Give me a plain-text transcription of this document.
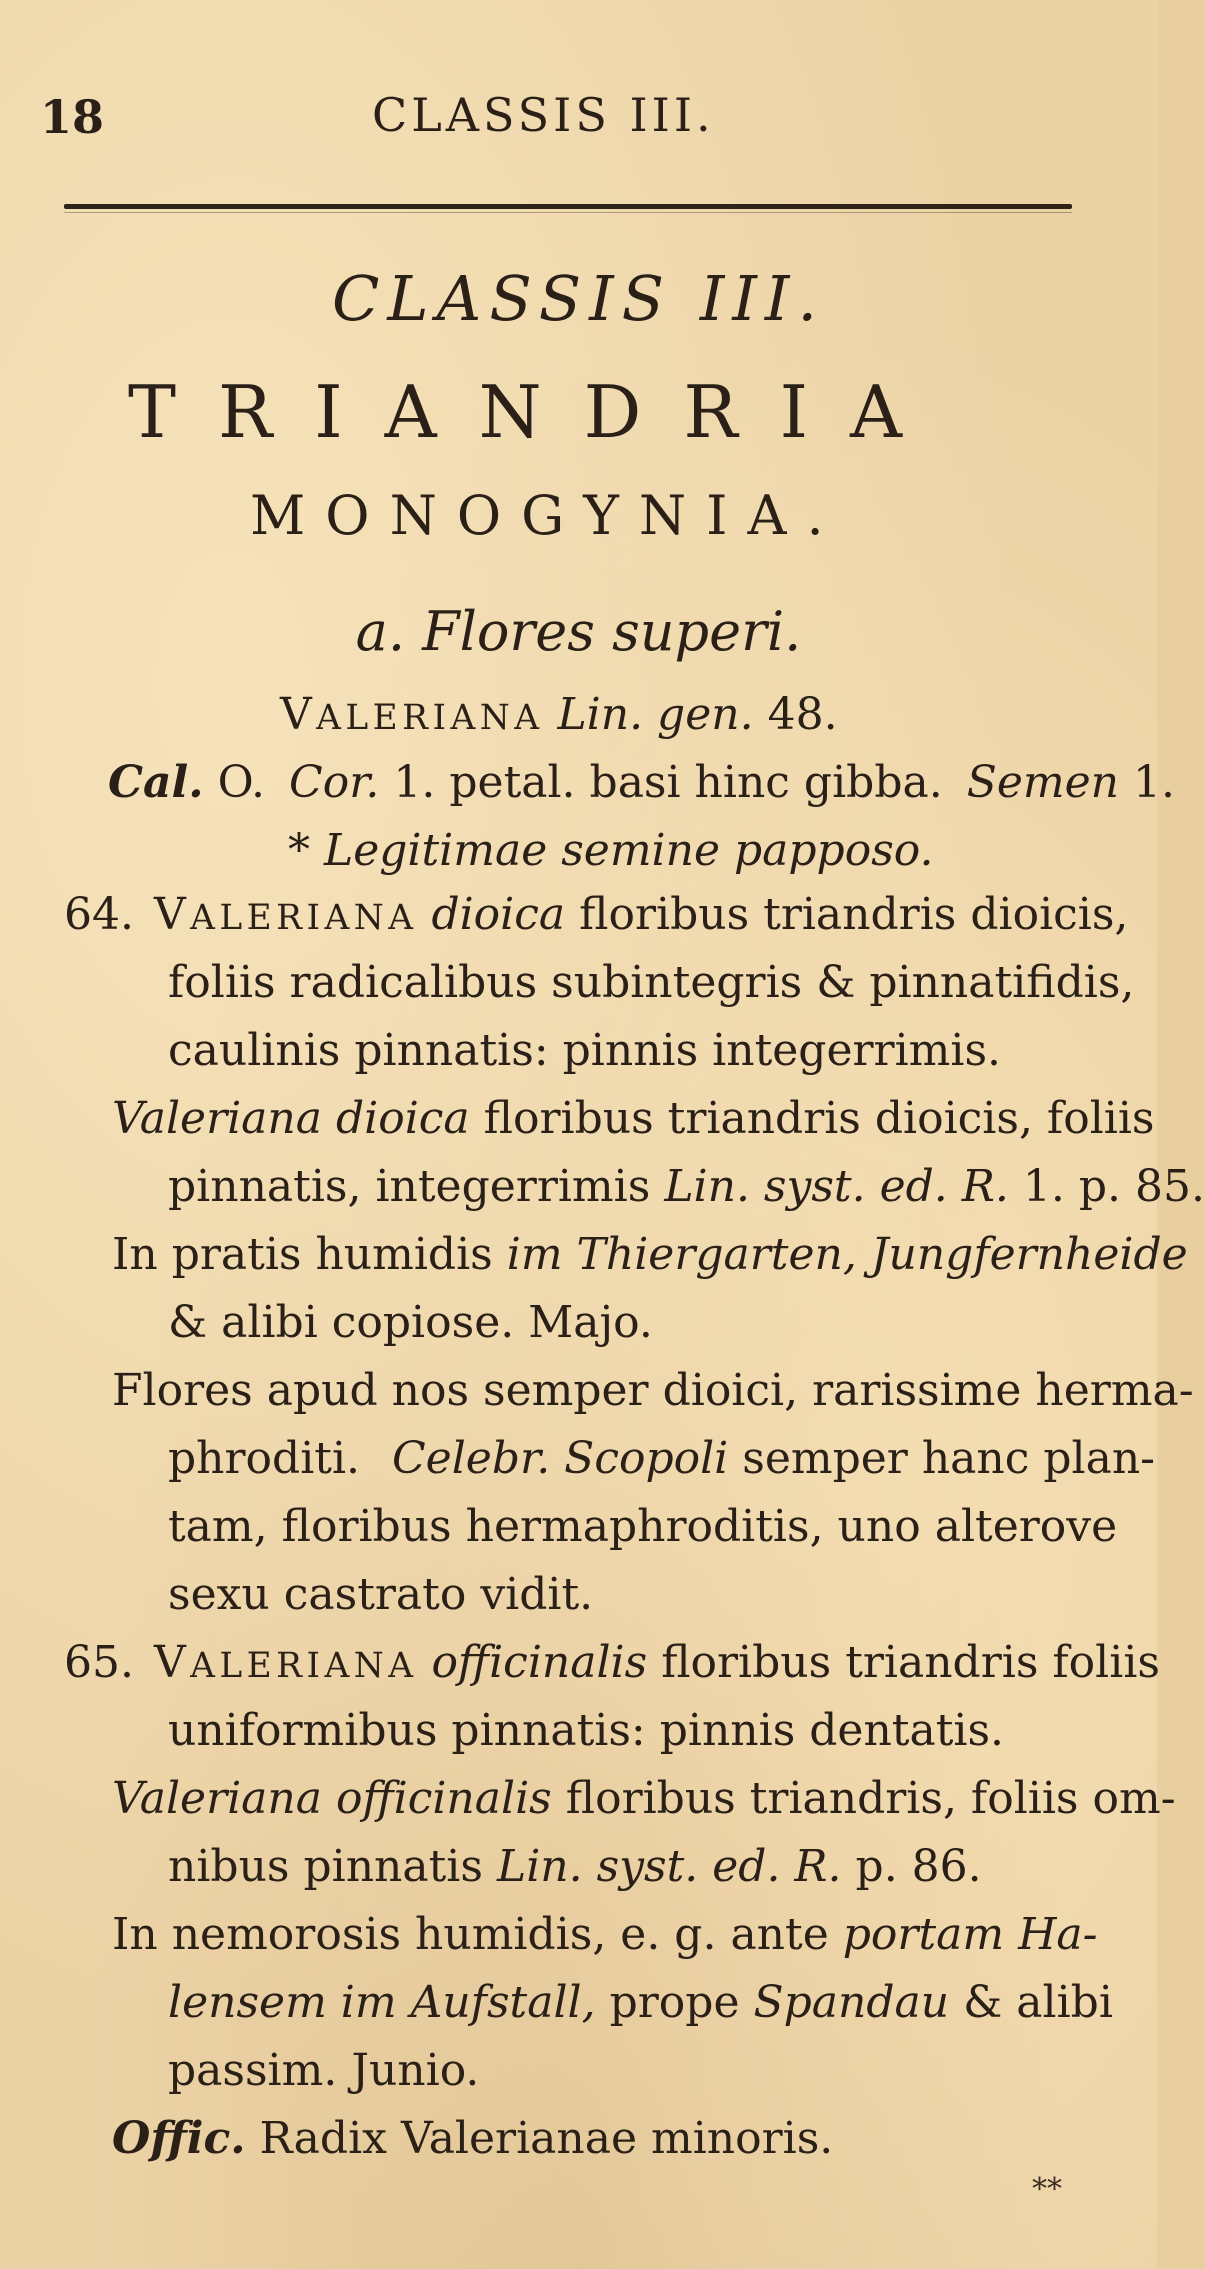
18	CLASSIS III.
CLASSIS III.
TRIANDRIA
MONOGYNIA.
a. Flores superi.
VALERIANA Lin. gen. 48.
Cal. O. Cor. 1. petal. basi hinc gibba. Semen 1.
* Legitimae semine papposo.
64. VALERIANA dioica floribus triandris dioicis,
foliis radicalibus subintegris & pinnatifidis,
caulinis pinnatis: pinnis integerrimis.
Valeriana dioica floribus triandris dioicis, foliis
pinnatis, integerrimis Lin. syst. ed. R. 1. p. 85.
In pratis humidis im Thiergarten, Jungfernheide
& alibi copiose. Majo.
Flores apud nos semper dioici, rarissime herma-
phroditi. Celebr. Scopoli semper hanc plan-
tam, floribus hermaphroditis, uno alterove
sexu castrato vidit.
65. VALERIANA officinalis floribus triandris foliis
uniformibus pinnatis: pinnis dentatis.
Valeriana officinalis floribus triandris, foliis om-
nibus pinnatis Lin. syst. ed. R. p. 86.
In nemorosis humidis, e. g. ante portam Ha-
lensem im Aufstall, prope Spandau & alibi
passim. Junio.
Offic. Radix Valerianae minoris.
**
